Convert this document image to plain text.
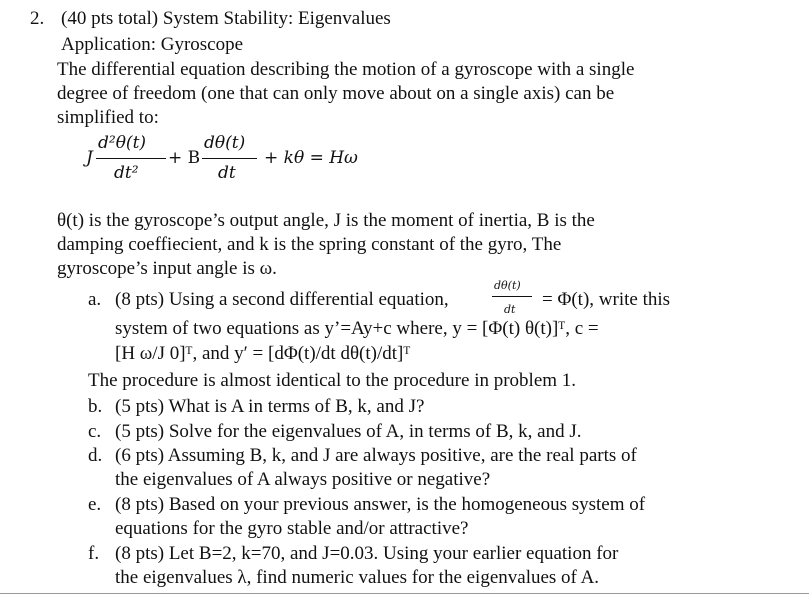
2. (40 pts total) System Stability: Eigenvalues
Application: Gyroscope
The differential equation describing the motion of a gyroscope with a single
degree of freedom (one that can only move about on a single axis) can be
simplified to:
J
d²θ(t)
dt²
+ B
dθ(t)
dt
+ kθ = Hω
θ(t) is the gyroscope’s output angle, J is the moment of inertia, B is the
damping coeffiecient, and k is the spring constant of the gyro, The
gyroscope’s input angle is ω.
a. (8 pts) Using a second differential equation,
dθ(t)
dt = Φ(t), write this
system of two equations as y’=Ay+c where, y = [Φ(t) θ(t)]ᵀ, c =
[H ω/J 0]ᵀ, and y′ = [dΦ(t)/dt dθ(t)/dt]ᵀ
The procedure is almost identical to the procedure in problem 1.
b. (5 pts) What is A in terms of B, k, and J?
c. (5 pts) Solve for the eigenvalues of A, in terms of B, k, and J.
d. (6 pts) Assuming B, k, and J are always positive, are the real parts of
the eigenvalues of A always positive or negative?
e. (8 pts) Based on your previous answer, is the homogeneous system of
equations for the gyro stable and/or attractive?
f. (8 pts) Let B=2, k=70, and J=0.03. Using your earlier equation for
the eigenvalues λ, find numeric values for the eigenvalues of A.
